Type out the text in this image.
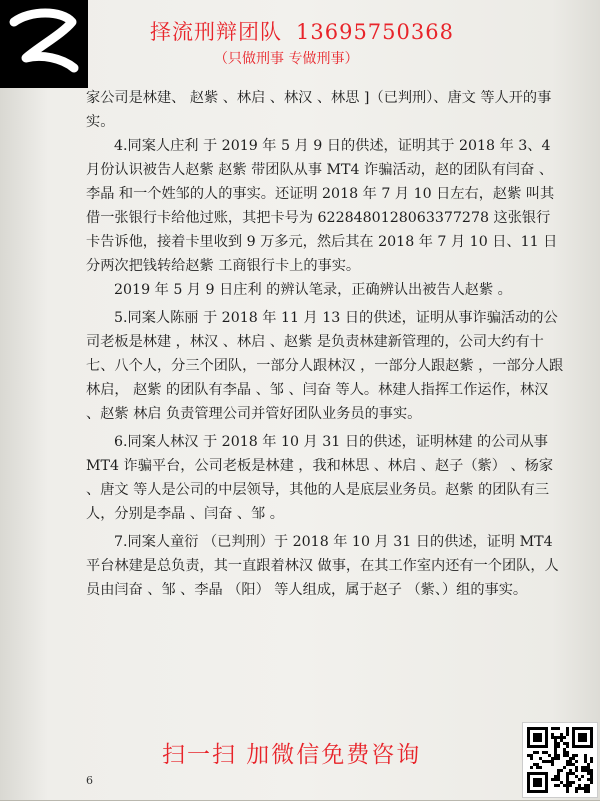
择流刑辩团队 13695750368
（只做刑事 专做刑事）

家公司是林建、 赵紫 、林启 、林汉 、林思 ]（已判刑）、唐文 等人开的事实。

4.同案人庄利 于 2019 年 5 月 9 日的供述，证明其于 2018 年 3、4 月份认识被告人赵紫 赵紫 带团队从事 MT4 诈骗活动，赵的团队有闫奋 、李晶 和一个姓邹的人的事实。还证明 2018 年 7 月 10 日左右，赵紫 叫其借一张银行卡给他过账，其把卡号为 6228480128063377278 这张银行卡告诉他，接着卡里收到 9 万多元，然后其在 2018 年 7 月 10 日、11 日分两次把钱转给赵紫 工商银行卡上的事实。

2019 年 5 月 9 日庄利 的辨认笔录，正确辨认出被告人赵紫 。

5.同案人陈丽 于 2018 年 11 月 13 日的供述，证明从事诈骗活动的公司老板是林建 ，林汉 、林启 、赵紫 是负责林建新管理的，公司大约有十七、八个人，分三个团队，一部分人跟林汉 ，一部分人跟赵紫 ，一部分人跟林启， 赵紫 的团队有李晶 、邹 、闫奋 等人。林建人指挥工作运作，林汉 、赵紫 林启 负责管理公司并管好团队业务员的事实。

6.同案人林汉 于 2018 年 10 月 31 日的供述，证明林建 的公司从事 MT4 诈骗平台，公司老板是林建 ，我和林思 、林启 、赵子（紫） 、杨家 、唐文 等人是公司的中层领导，其他的人是底层业务员。赵紫 的团队有三人，分别是李晶 、闫奋 、邹 。

7.同案人童衍 （已判刑）于 2018 年 10 月 31 日的供述，证明 MT4 平台林建是总负责，其一直跟着林汉 做事，在其工作室内还有一个团队，人员由闫奋 、邹 、李晶 （阳） 等人组成，属于赵子 （紫、）组的事实。

扫一扫 加微信免费咨询
6
